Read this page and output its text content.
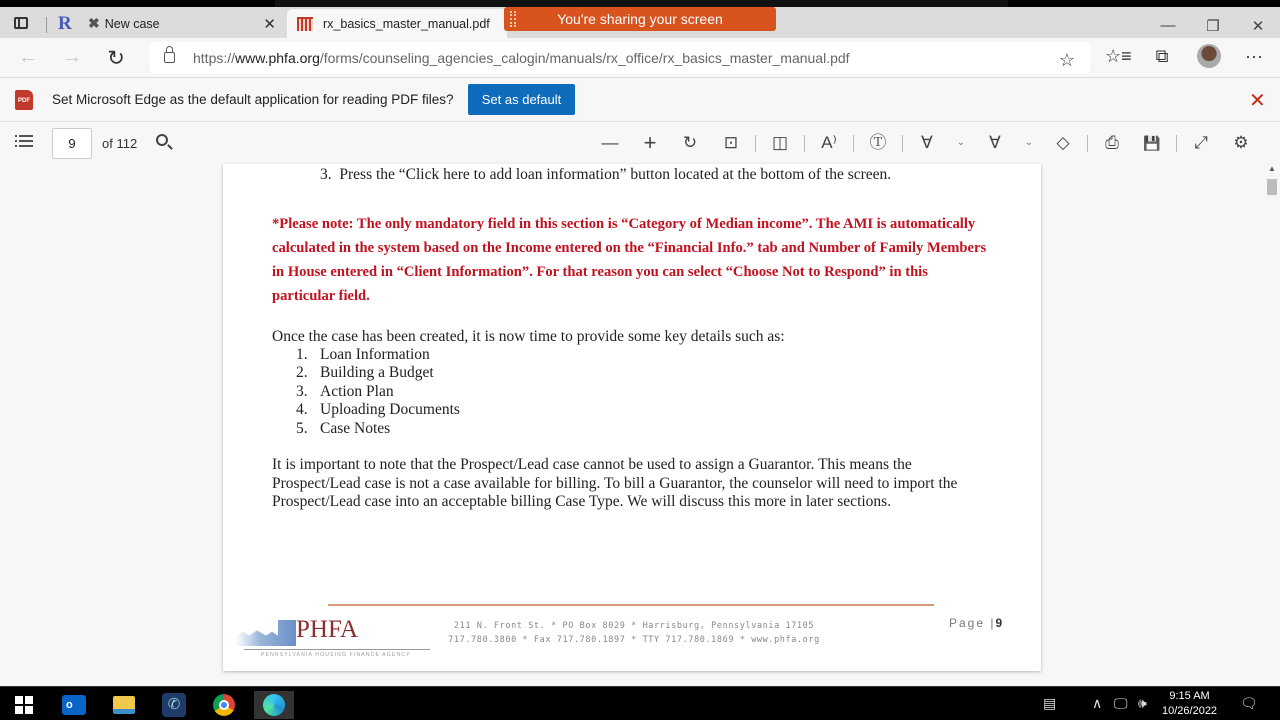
R	✖ New case	✕	rx_basics_master_manual.pdf	—	❐	✕
You're sharing your screen
← → ↻	https://www.phfa.org/forms/counseling_agencies_calogin/manuals/rx_office/rx_basics_master_manual.pdf	☆ ☆≡	⧉	···
PDF Set Microsoft Edge as the default application for reading PDF files?	Set as default	✕
9	of 112	— +	↻	⊡	◫	A⁾	Ⓣ	∀	⌄	∀	⌄	◇	⎙	💾	⤢	⚙
3.  Press the “Click here to add loan information” button located at the bottom of the screen.
*Please note: The only mandatory field in this section is “Category of Median income”. The AMI is automatically calculated in the system based on the Income entered on the “Financial Info.” tab and Number of Family Members in House entered in “Client Information”. For that reason you can select “Choose Not to Respond” in this particular field.
Once the case has been created, it is now time to provide some key details such as:
1. Loan Information
2. Building a Budget
3. Action Plan
4. Uploading Documents
5. Case Notes
It is important to note that the Prospect/Lead case cannot be used to assign a Guarantor. This means the Prospect/Lead case is not a case available for billing. To bill a Guarantor, the counselor will need to import the Prospect/Lead case into an acceptable billing Case Type. We will discuss this more in later sections.
PHFA
PENNSYLVANIA HOUSING FINANCE AGENCY
211 N. Front St. * PO Box 8029 * Harrisburg, Pennsylvania 17105
717.780.3800 * Fax 717.780.1897 * TTY 717.780.1869 * www.phfa.org
Page |9
▲
o	✆	▤	∧ 🖵 🕪	9:15 AM
10/26/2022 🗨
